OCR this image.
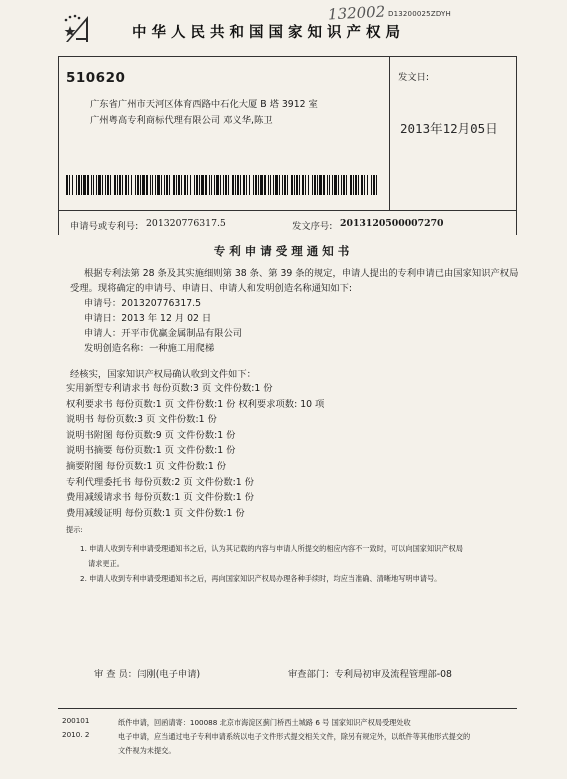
132002 D13200025ZDYH
中华人民共和国国家知识产权局
510620
广东省广州市天河区体育西路中石化大厦 B 塔 3912 室
广州粤高专利商标代理有限公司 邓义华,陈卫
发文日:
2013年12月05日
申请号或专利号: 201320776317.5	发文序号: 2013120500007270
专利申请受理通知书
根据专利法第 28 条及其实施细则第 38 条、第 39 条的规定，申请人提出的专利申请已由国家知识产权局
受理。现将确定的申请号、申请日、申请人和发明创造名称通知如下:
申请号：201320776317.5
申请日：2013 年 12 月 02 日
申请人：开平市优赢金属制品有限公司
发明创造名称：一种施工用爬梯
经核实，国家知识产权局确认收到文件如下：
实用新型专利请求书 每份页数:3 页 文件份数:1 份
权利要求书 每份页数:1 页 文件份数:1 份 权利要求项数: 10 项
说明书 每份页数:3 页 文件份数:1 份
说明书附图 每份页数:9 页 文件份数:1 份
说明书摘要 每份页数:1 页 文件份数:1 份
摘要附图 每份页数:1 页 文件份数:1 份
专利代理委托书 每份页数:2 页 文件份数:1 份
费用减缓请求书 每份页数:1 页 文件份数:1 份
费用减缓证明 每份页数:1 页 文件份数:1 份
提示:
1. 申请人收到专利申请受理通知书之后，认为其记载的内容与申请人所提交的相应内容不一致时，可以向国家知识产权局
请求更正。
2. 申请人收到专利申请受理通知书之后，再向国家知识产权局办理各种手续时，均应当准确、清晰地写明申请号。
审 查 员：闫刚(电子申请)	审查部门：专利局初审及流程管理部-08
200101
2010. 2
纸件申请，回函请寄：100088 北京市海淀区蓟门桥西土城路 6 号 国家知识产权局受理处收
电子申请，应当通过电子专利申请系统以电子文件形式提交相关文件，除另有规定外，以纸件等其他形式提交的
文件视为未提交。
